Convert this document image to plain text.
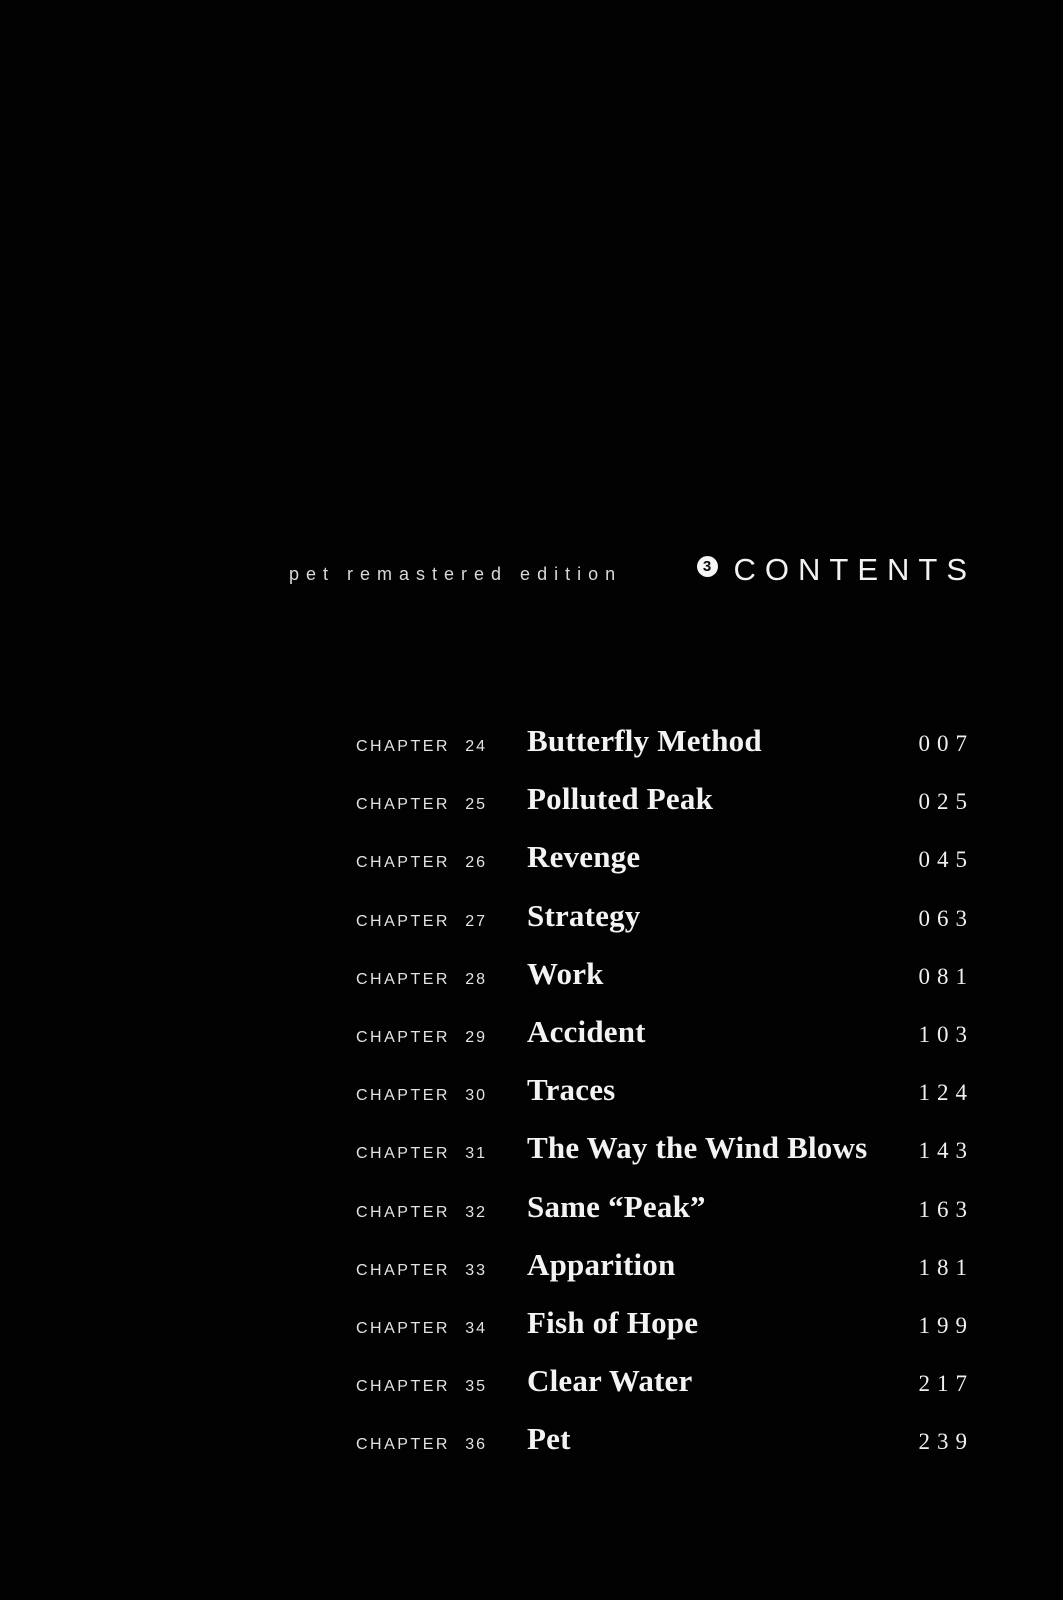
pet remastered edition	3 CONTENTS
CHAPTER 24 Butterfly Method	007
CHAPTER 25 Polluted Peak	025
CHAPTER 26 Revenge	045
CHAPTER 27 Strategy	063
CHAPTER 28 Work	081
CHAPTER 29 Accident	103
CHAPTER 30 Traces	124
CHAPTER 31 The Way the Wind Blows	143
CHAPTER 32 Same “Peak”	163
CHAPTER 33 Apparition	181
CHAPTER 34 Fish of Hope	199
CHAPTER 35 Clear Water	217
CHAPTER 36 Pet	239
